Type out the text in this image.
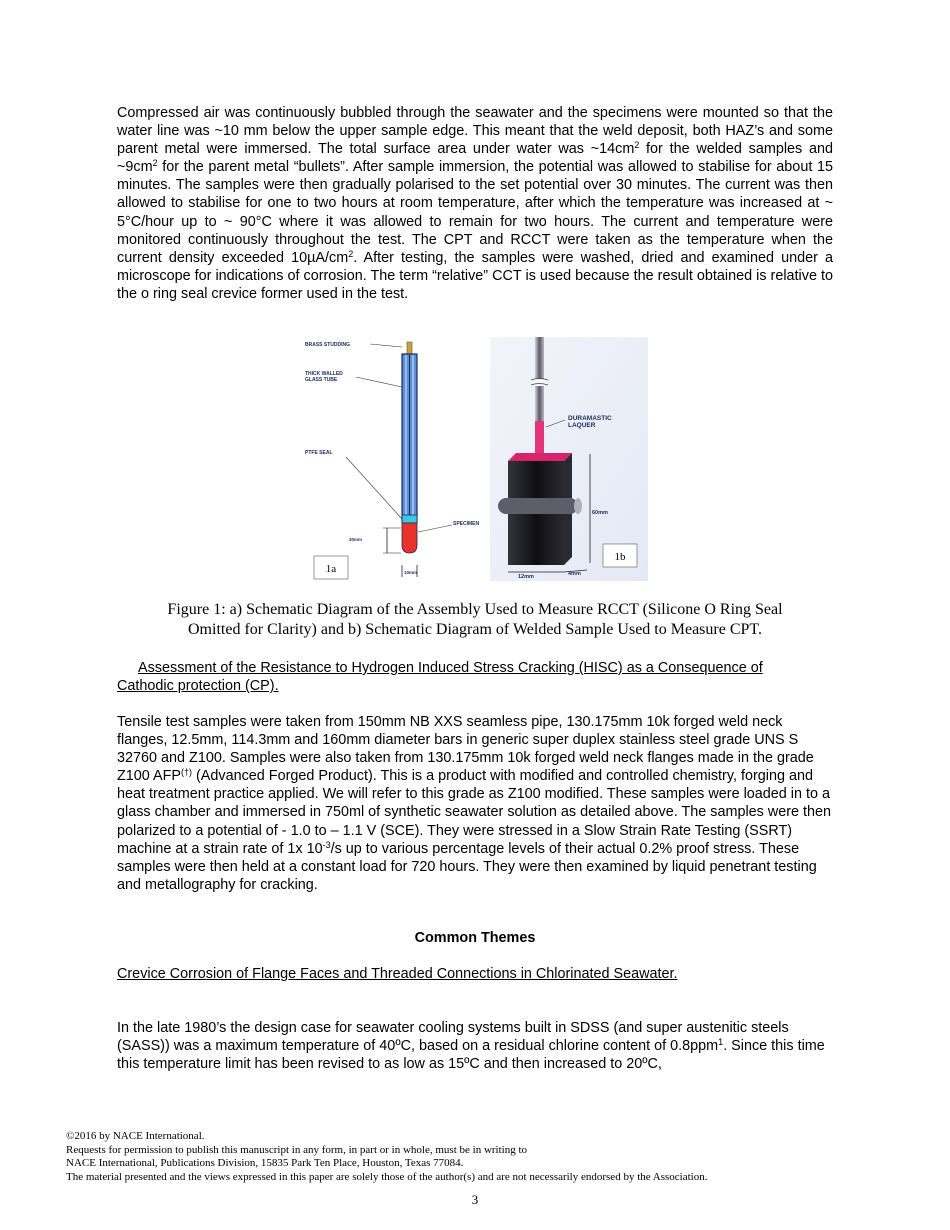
Compressed air was continuously bubbled through the seawater and the specimens were mounted so that the water line was ~10 mm below the upper sample edge. This meant that the weld deposit, both HAZ’s and some parent metal were immersed. The total surface area under water was $\sim 14cm^2$ for the welded samples and $\sim 9cm^2$ for the parent metal “bullets”. After sample immersion, the potential was allowed to stabilise for about 15 minutes. The samples were then gradually polarised to the set potential over 30 minutes. The current was then allowed to stabilise for one to two hours at room temperature, after which the temperature was increased at ~ 5°C/hour up to ~ 90°C where it was allowed to remain for two hours. The current and temperature were monitored continuously throughout the test. The CPT and RCCT were taken as the temperature when the current density exceeded $10\mu A/cm^2$. After testing, the samples were washed, dried and examined under a microscope for indications of corrosion. The term “relative” CCT is used because the result obtained is relative to the o ring seal crevice former used in the test.
BRASS STUDDING
THICK WALLED
GLASS TUBE
PTFE SEAL
SPECIMEN
30mm
10mm
1a
DURAMASTIC
LAQUER
60mm
12mm	4mm
1b
Figure 1: a) Schematic Diagram of the Assembly Used to Measure RCCT (Silicone O Ring Seal
Omitted for Clarity) and b) Schematic Diagram of Welded Sample Used to Measure CPT.
Assessment of the Resistance to Hydrogen Induced Stress Cracking (HISC) as a Consequence of
Cathodic protection (CP).
Tensile test samples were taken from 150mm NB XXS seamless pipe, 130.175mm 10k forged weld neck flanges, 12.5mm, 114.3mm and 160mm diameter bars in generic super duplex stainless steel grade UNS S 32760 and Z100. Samples were also taken from 130.175mm 10k forged weld neck flanges made in the grade Z100 AFP(†) (Advanced Forged Product). This is a product with modified and controlled chemistry, forging and heat treatment practice applied. We will refer to this grade as Z100 modified. These samples were loaded in to a glass chamber and immersed in 750ml of synthetic seawater solution as detailed above. The samples were then polarized to a potential of - 1.0 to – 1.1 V (SCE). They were stressed in a Slow Strain Rate Testing (SSRT) machine at a strain rate of 1x $10^{-3}/s$ up to various percentage levels of their actual 0.2% proof stress. These samples were then held at a constant load for 720 hours. They were then examined by liquid penetrant testing and metallography for cracking.
Common Themes
Crevice Corrosion of Flange Faces and Threaded Connections in Chlorinated Seawater.
In the late 1980’s the design case for seawater cooling systems built in SDSS (and super austenitic steels (SASS)) was a maximum temperature of 40ºC, based on a residual chlorine content of 0.8ppm$^1$. Since this time this temperature limit has been revised to as low as 15ºC and then increased to 20ºC,
©2016 by NACE International.
Requests for permission to publish this manuscript in any form, in part or in whole, must be in writing to
NACE International, Publications Division, 15835 Park Ten Place, Houston, Texas 77084.
The material presented and the views expressed in this paper are solely those of the author(s) and are not necessarily endorsed by the Association.
3
